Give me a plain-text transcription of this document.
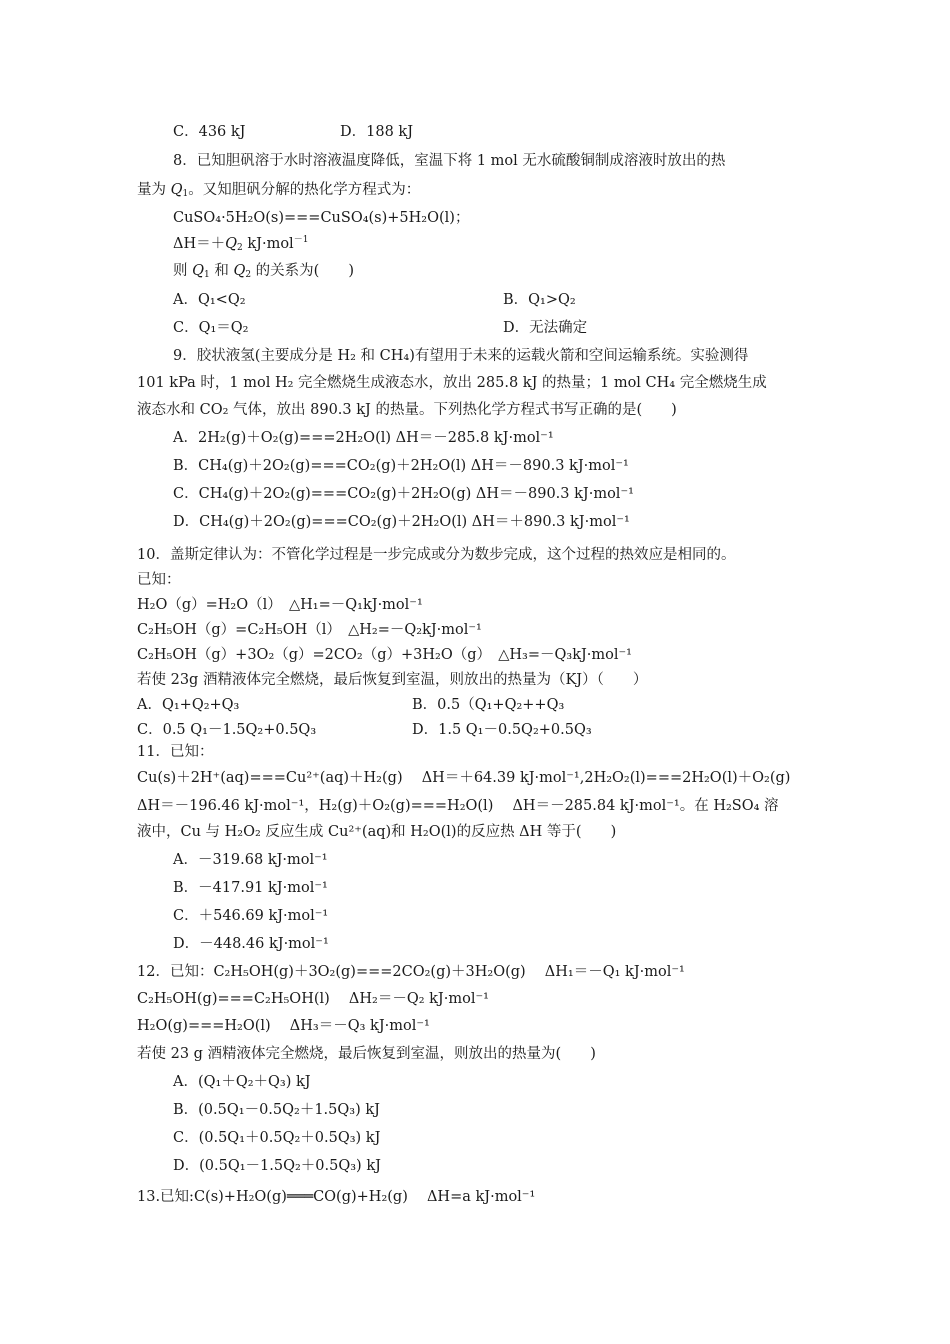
C．436 kJ	D．188 kJ
8．已知胆矾溶于水时溶液温度降低，室温下将 1 mol 无水硫酸铜制成溶液时放出的热
量为 $Q_1$。又知胆矾分解的热化学方程式为：
CuSO₄·5H₂O(s)===CuSO₄(s)+5H₂O(l)；
$\Delta H=+Q_2$ kJ·mol$^{-1}$
则 $Q_1$ 和 $Q_2$ 的关系为(　　)
A．Q₁<Q₂	B．Q₁>Q₂
C．Q₁＝Q₂	D．无法确定
9．胶状液氢(主要成分是 H₂ 和 CH₄)有望用于未来的运载火箭和空间运输系统。实验测得
101 kPa 时，1 mol H₂ 完全燃烧生成液态水，放出 285.8 kJ 的热量；1 mol CH₄ 完全燃烧生成
液态水和 CO₂ 气体，放出 890.3 kJ 的热量。下列热化学方程式书写正确的是(　　)
A．2H₂(g)＋O₂(g)===2H₂O(l) ΔH＝－285.8 kJ·mol⁻¹
B．CH₄(g)＋2O₂(g)===CO₂(g)＋2H₂O(l) ΔH＝－890.3 kJ·mol⁻¹
C．CH₄(g)＋2O₂(g)===CO₂(g)＋2H₂O(g) ΔH＝－890.3 kJ·mol⁻¹
D．CH₄(g)＋2O₂(g)===CO₂(g)＋2H₂O(l) ΔH＝＋890.3 kJ·mol⁻¹
10．盖斯定律认为：不管化学过程是一步完成或分为数步完成，这个过程的热效应是相同的。
已知：
H₂O（g）=H₂O（l）　△H₁=－Q₁kJ·mol⁻¹
C₂H₅OH（g）=C₂H₅OH（l）　△H₂=－Q₂kJ·mol⁻¹
C₂H₅OH（g）+3O₂（g）=2CO₂（g）+3H₂O（g）　△H₃=－Q₃kJ·mol⁻¹
若使 23g 酒精液体完全燃烧，最后恢复到室温，则放出的热量为（KJ）（　　）
A．Q₁+Q₂+Q₃	B．0.5（Q₁+Q₂++Q₃
C．0.5 Q₁－1.5Q₂+0.5Q₃	D．1.5 Q₁－0.5Q₂+0.5Q₃
11．已知：
Cu(s)＋2H⁺(aq)===Cu²⁺(aq)＋H₂(g)　 ΔH＝＋64.39 kJ·mol⁻¹,2H₂O₂(l)===2H₂O(l)＋O₂(g)
ΔH＝－196.46 kJ·mol⁻¹，H₂(g)＋O₂(g)===H₂O(l)　 ΔH＝－285.84 kJ·mol⁻¹。在 H₂SO₄ 溶
液中，Cu 与 H₂O₂ 反应生成 Cu²⁺(aq)和 H₂O(l)的反应热 ΔH 等于(　　)
A．－319.68 kJ·mol⁻¹
B．－417.91 kJ·mol⁻¹
C．＋546.69 kJ·mol⁻¹
D．－448.46 kJ·mol⁻¹
12．已知：C₂H₅OH(g)＋3O₂(g)===2CO₂(g)＋3H₂O(g)　 ΔH₁＝－Q₁ kJ·mol⁻¹
C₂H₅OH(g)===C₂H₅OH(l)　 ΔH₂＝－Q₂ kJ·mol⁻¹
H₂O(g)===H₂O(l)　 ΔH₃＝－Q₃ kJ·mol⁻¹
若使 23 g 酒精液体完全燃烧，最后恢复到室温，则放出的热量为(　　)
A．(Q₁＋Q₂＋Q₃) kJ
B．(0.5Q₁－0.5Q₂＋1.5Q₃) kJ
C．(0.5Q₁＋0.5Q₂＋0.5Q₃) kJ
D．(0.5Q₁－1.5Q₂＋0.5Q₃) kJ
13.已知:C(s)+H₂O(g)═══CO(g)+H₂(g)　 ΔH=a kJ·mol⁻¹
